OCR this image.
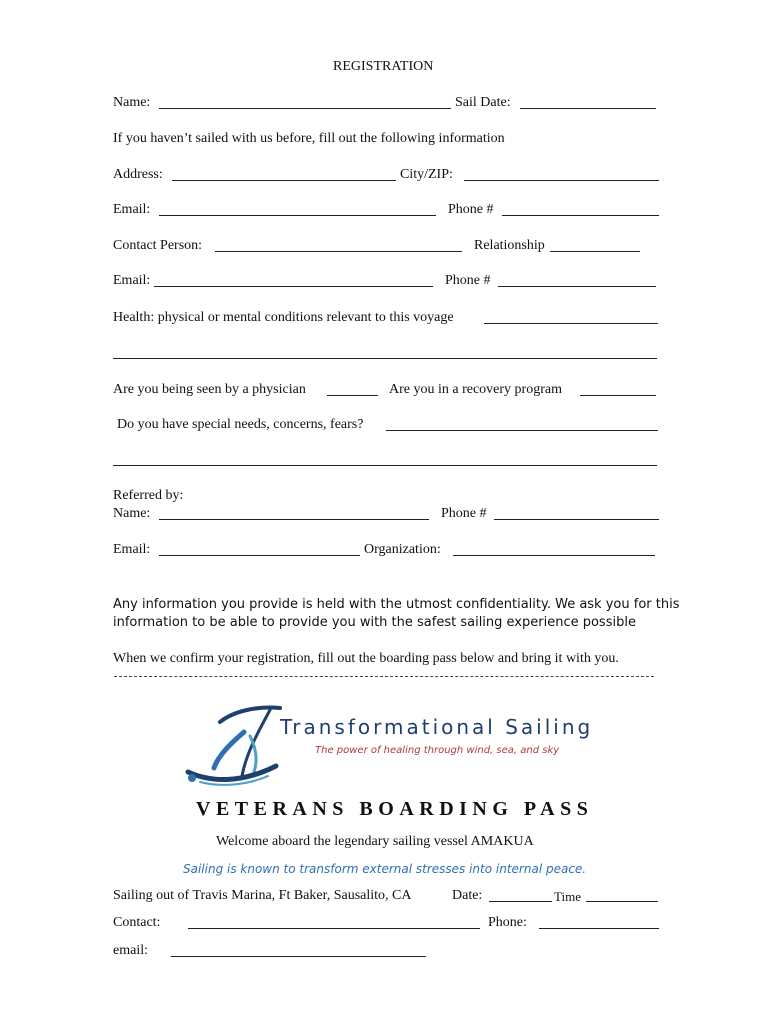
REGISTRATION
Name:	Sail Date:
If you haven’t sailed with us before, fill out the following information
Address:	City/ZIP:
Email:	Phone #
Contact Person:	Relationship
Email:	Phone #
Health: physical or mental conditions relevant to this voyage
Are you being seen by a physician	Are you in a recovery program
Do you have special needs, concerns, fears?
Referred by:
Name:	Phone #
Email:	Organization:
Any information you provide is held with the utmost confidentiality. We ask you for this
information to be able to provide you with the safest sailing experience possible
When we confirm your registration, fill out the boarding pass below and bring it with you.
Transformational Sailing
The power of healing through wind, sea, and sky
VETERANS BOARDING PASS
Welcome aboard the legendary sailing vessel AMAKUA
Sailing is known to transform external stresses into internal peace.
Sailing out of Travis Marina, Ft Baker, Sausalito, CA	Date:	Time
Contact:	Phone:
email:
